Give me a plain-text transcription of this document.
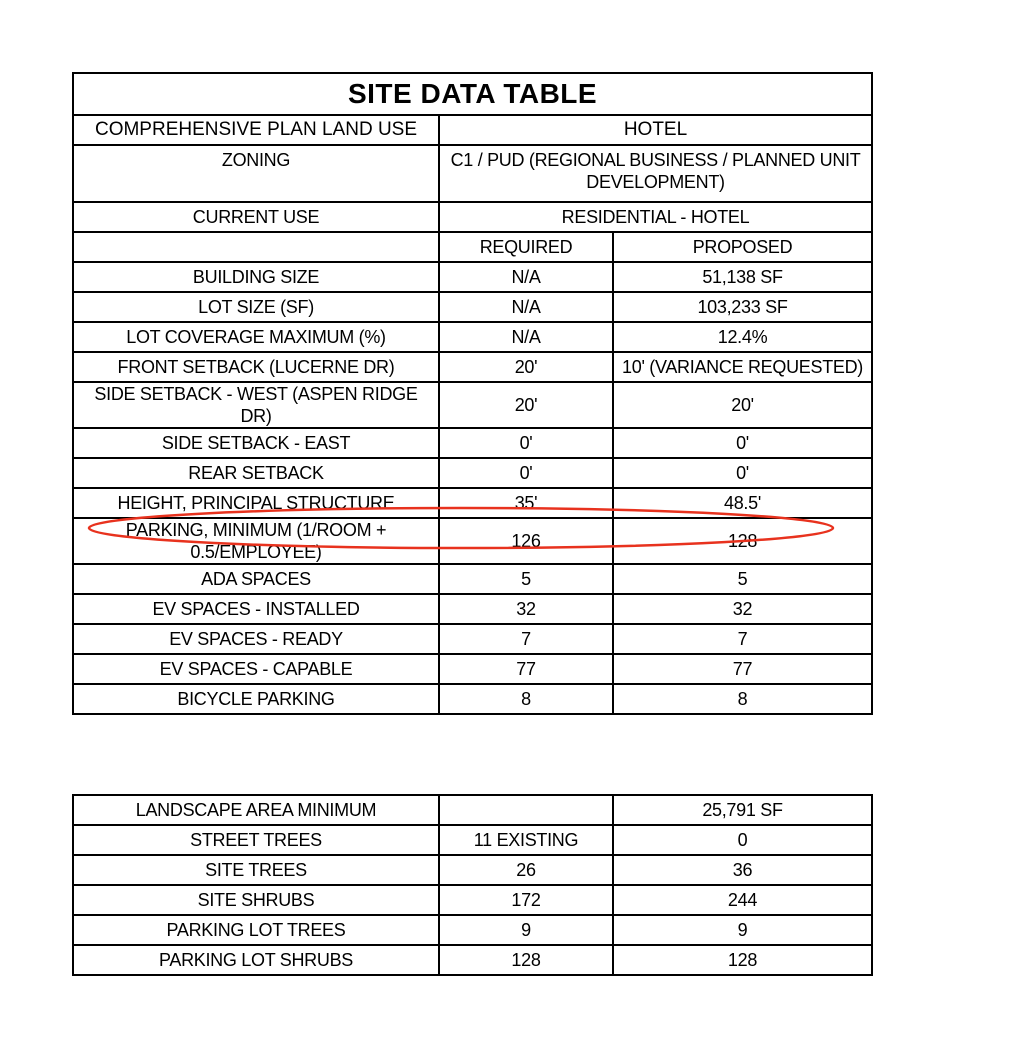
SITE DATA TABLE		
COMPREHENSIVE PLAN LAND USE	HOTEL	
ZONING	C1 / PUD (REGIONAL BUSINESS / PLANNED UNIT DEVELOPMENT)	
CURRENT USE	RESIDENTIAL - HOTEL	
	REQUIRED	PROPOSED
BUILDING SIZE	N/A	51,138 SF
LOT SIZE (SF)	N/A	103,233 SF
LOT COVERAGE MAXIMUM (%)	N/A	12.4%
FRONT SETBACK (LUCERNE DR)	20'	10' (VARIANCE REQUESTED)
SIDE SETBACK - WEST (ASPEN RIDGE DR)	20'	20'
SIDE SETBACK - EAST	0'	0'
REAR SETBACK	0'	0'
HEIGHT, PRINCIPAL STRUCTURE	35'	48.5'
PARKING, MINIMUM (1/ROOM + 0.5/EMPLOYEE)	126	128
ADA SPACES	5	5
EV SPACES - INSTALLED	32	32
EV SPACES - READY	7	7
EV SPACES - CAPABLE	77	77
BICYCLE PARKING	8	8
LANDSCAPE AREA MINIMUM		25,791 SF
STREET TREES	11 EXISTING	0
SITE TREES	26	36
SITE SHRUBS	172	244
PARKING LOT TREES	9	9
PARKING LOT SHRUBS	128	128
